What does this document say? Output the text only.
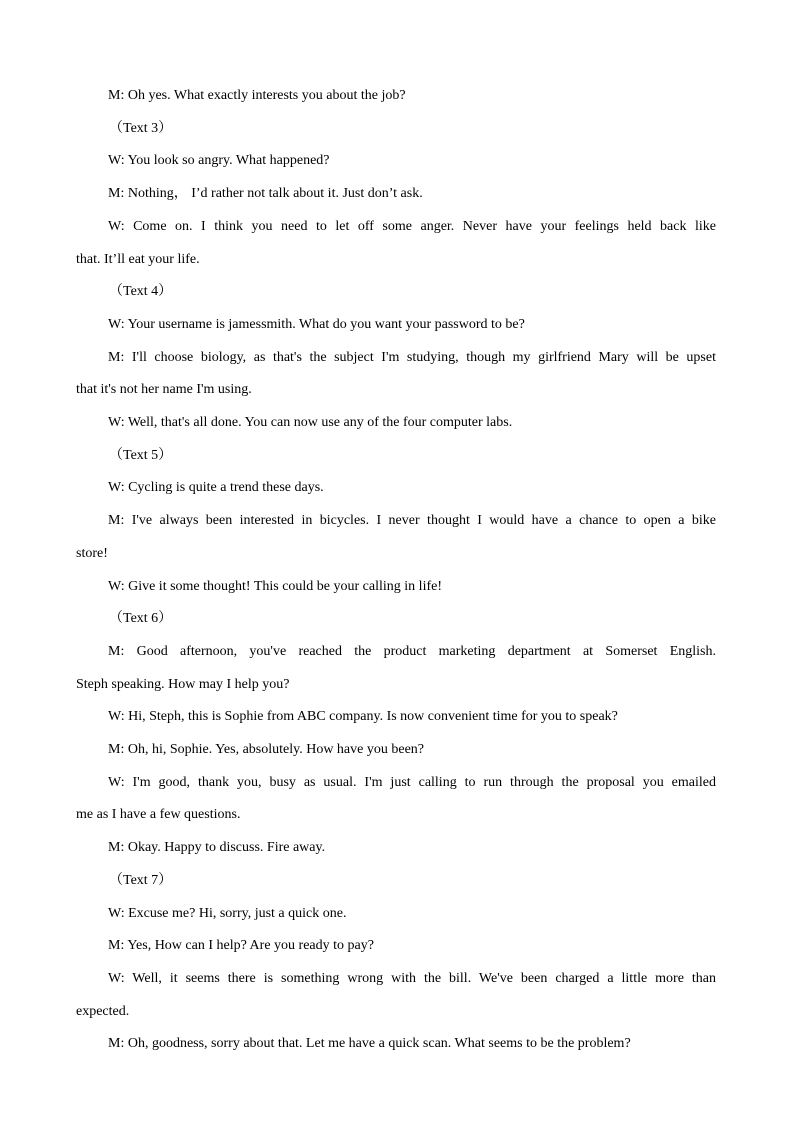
M: Oh yes. What exactly interests you about the job?
（Text 3）
W: You look so angry. What happened?
M: Nothing， I’d rather not talk about it. Just don’t ask.
W: Come on. I think you need to let off some anger. Never have your feelings held back like
that. It’ll eat your life.
（Text 4）
W: Your username is jamessmith. What do you want your password to be?
M: I'll choose biology, as that's the subject I'm studying, though my girlfriend Mary will be upset
that it's not her name I'm using.
W: Well, that's all done. You can now use any of the four computer labs.
（Text 5）
W: Cycling is quite a trend these days.
M: I've always been interested in bicycles. I never thought I would have a chance to open a bike
store!
W: Give it some thought! This could be your calling in life!
（Text 6）
M: Good afternoon, you've reached the product marketing department at Somerset English.
Steph speaking. How may I help you?
W: Hi, Steph, this is Sophie from ABC company. Is now convenient time for you to speak?
M: Oh, hi, Sophie. Yes, absolutely. How have you been?
W: I'm good, thank you, busy as usual. I'm just calling to run through the proposal you emailed
me as I have a few questions.
M: Okay. Happy to discuss. Fire away.
（Text 7）
W: Excuse me? Hi, sorry, just a quick one.
M: Yes, How can I help? Are you ready to pay?
W: Well, it seems there is something wrong with the bill. We've been charged a little more than
expected.
M: Oh, goodness, sorry about that. Let me have a quick scan. What seems to be the problem?
